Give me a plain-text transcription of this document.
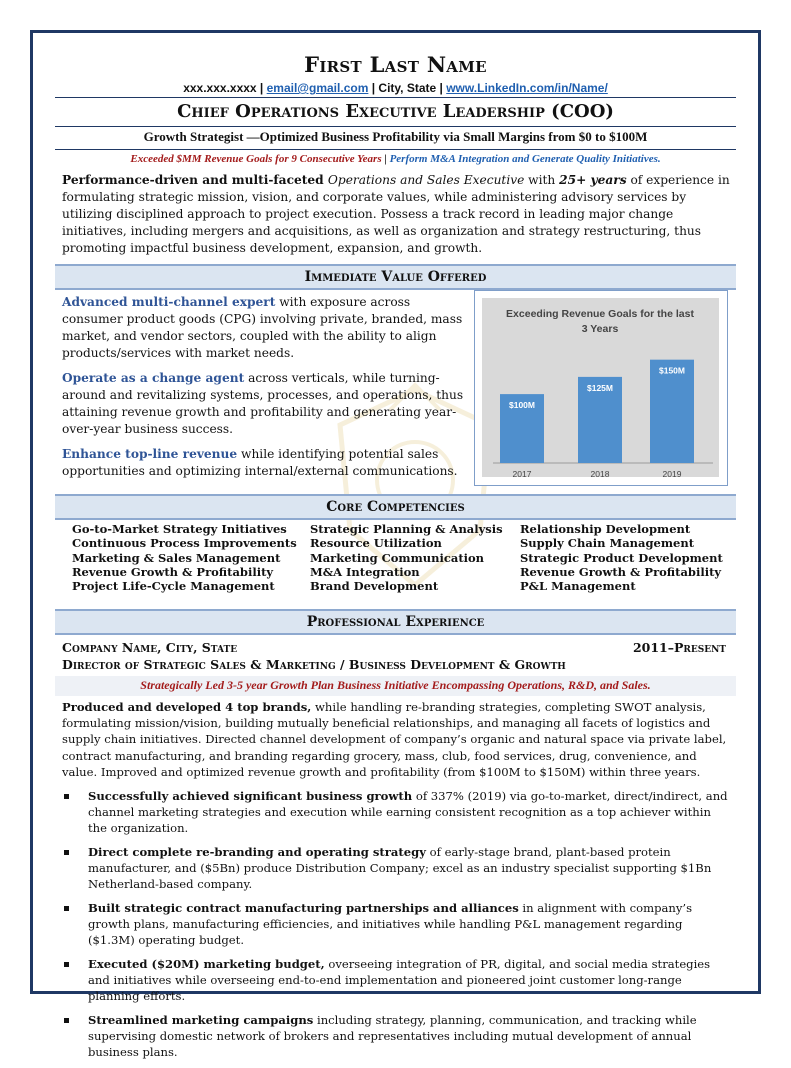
First Last Name
xxx.xxx.xxxx | email@gmail.com | City, State | www.LinkedIn.com/in/Name/
Chief Operations Executive Leadership (COO)
Growth Strategist —Optimized Business Profitability via Small Margins from $0 to $100M
Exceeded $MM Revenue Goals for 9 Consecutive Years | Perform M&A Integration and Generate Quality Initiatives.
Performance-driven and multi-faceted Operations and Sales Executive with 25+ years of experience in formulating strategic mission, vision, and corporate values, while administering advisory services by utilizing disciplined approach to project execution. Possess a track record in leading major change initiatives, including mergers and acquisitions, as well as organization and strategy restructuring, thus promoting impactful business development, expansion, and growth.
Immediate Value Offered

Advanced multi-channel expert with exposure across consumer product goods (CPG) involving private, branded, mass market, and vendor sectors, coupled with the ability to align products/services with market needs.

Operate as a change agent across verticals, while turning-around and revitalizing systems, processes, and operations, thus attaining revenue growth and profitability and generating year-over-year business success.

Enhance top-line revenue while identifying potential sales opportunities and optimizing internal/external communications.

Exceeding Revenue Goals for the last
3 Years
$100M
2017
$125M
2018
$150M
2019
Core Competencies
Go-to-Market Strategy Initiatives
Continuous Process Improvements
Marketing & Sales Management
Revenue Growth & Profitability
Project Life-Cycle Management
Strategic Planning & Analysis
Resource Utilization
Marketing Communication
M&A Integration
Brand Development
Relationship Development
Supply Chain Management
Strategic Product Development
Revenue Growth & Profitability
P&L Management
Professional Experience
Company Name, City, State	2011–Present
Director of Strategic Sales & Marketing / Business Development & Growth
Strategically Led 3-5 year Growth Plan Business Initiative Encompassing Operations, R&D, and Sales.
Produced and developed 4 top brands, while handling re-branding strategies, completing SWOT analysis, formulating mission/vision, building mutually beneficial relationships, and managing all facets of logistics and supply chain initiatives. Directed channel development of company’s organic and natural space via private label, contract manufacturing, and branding regarding grocery, mass, club, food services, drug, convenience, and value. Improved and optimized revenue growth and profitability (from $100M to $150M) within three years.
Successfully achieved significant business growth of 337% (2019) via go-to-market, direct/indirect, and channel marketing strategies and execution while earning consistent recognition as a top achiever within the organization.
Direct complete re-branding and operating strategy of early-stage brand, plant-based protein manufacturer, and ($5Bn) produce Distribution Company; excel as an industry specialist supporting $1Bn Netherland-based company.
Built strategic contract manufacturing partnerships and alliances in alignment with company’s growth plans, manufacturing efficiencies, and initiatives while handling P&L management regarding ($1.3M) operating budget.
Executed ($20M) marketing budget, overseeing integration of PR, digital, and social media strategies and initiatives while overseeing end-to-end implementation and pioneered joint customer long-range planning efforts.
Streamlined marketing campaigns including strategy, planning, communication, and tracking while supervising domestic network of brokers and representatives including mutual development of annual business plans.
